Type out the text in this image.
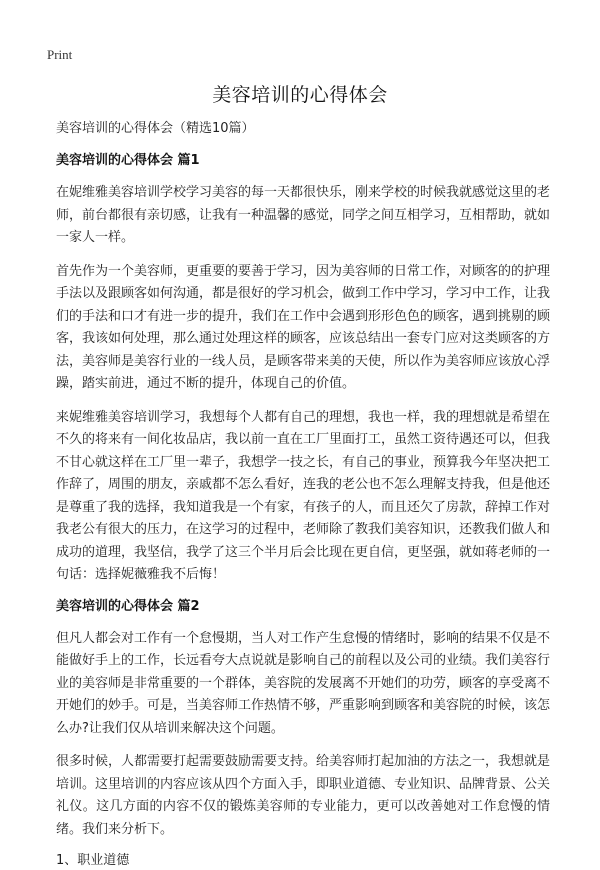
Print
美容培训的心得体会
美容培训的心得体会（精选10篇）
美容培训的心得体会 篇1

在妮维雅美容培训学校学习美容的每一天都很快乐，刚来学校的时候我就感觉这里的老师，前台都很有亲切感，让我有一种温馨的感觉，同学之间互相学习，互相帮助，就如一家人一样。

首先作为一个美容师，更重要的要善于学习，因为美容师的日常工作，对顾客的的护理手法以及跟顾客如何沟通，都是很好的学习机会，做到工作中学习，学习中工作，让我们的手法和口才有进一步的提升，我们在工作中会遇到形形色色的顾客，遇到挑剔的顾客，我该如何处理，那么通过处理这样的顾客，应该总结出一套专门应对这类顾客的方法，美容师是美容行业的一线人员，是顾客带来美的天使，所以作为美容师应该放心浮躁，踏实前进，通过不断的提升，体现自己的价值。

来妮维雅美容培训学习，我想每个人都有自己的理想，我也一样，我的理想就是希望在不久的将来有一间化妆品店，我以前一直在工厂里面打工，虽然工资待遇还可以，但我不甘心就这样在工厂里一辈子，我想学一技之长，有自己的事业，预算我今年坚决把工作辞了，周围的朋友，亲戚都不怎么看好，连我的老公也不怎么理解支持我，但是他还是尊重了我的选择，我知道我是一个有家，有孩子的人，而且还欠了房款，辞掉工作对我老公有很大的压力，在这学习的过程中，老师除了教我们美容知识，还教我们做人和成功的道理，我坚信，我学了这三个半月后会比现在更自信，更坚强，就如蒋老师的一句话：选择妮薇雅我不后悔！

美容培训的心得体会 篇2

但凡人都会对工作有一个怠慢期，当人对工作产生怠慢的情绪时，影响的结果不仅是不能做好手上的工作，长远看夸大点说就是影响自己的前程以及公司的业绩。我们美容行业的美容师是非常重要的一个群体，美容院的发展离不开她们的功劳，顾客的享受离不开她们的妙手。可是，当美容师工作热情不够，严重影响到顾客和美容院的时候，该怎么办?让我们仅从培训来解决这个问题。

很多时候，人都需要打起需要鼓励需要支持。给美容师打起加油的方法之一，我想就是培训。这里培训的内容应该从四个方面入手，即职业道德、专业知识、品牌背景、公关礼仪。这几方面的内容不仅的锻炼美容师的专业能力，更可以改善她对工作怠慢的情绪。我们来分析下。

1、职业道德
